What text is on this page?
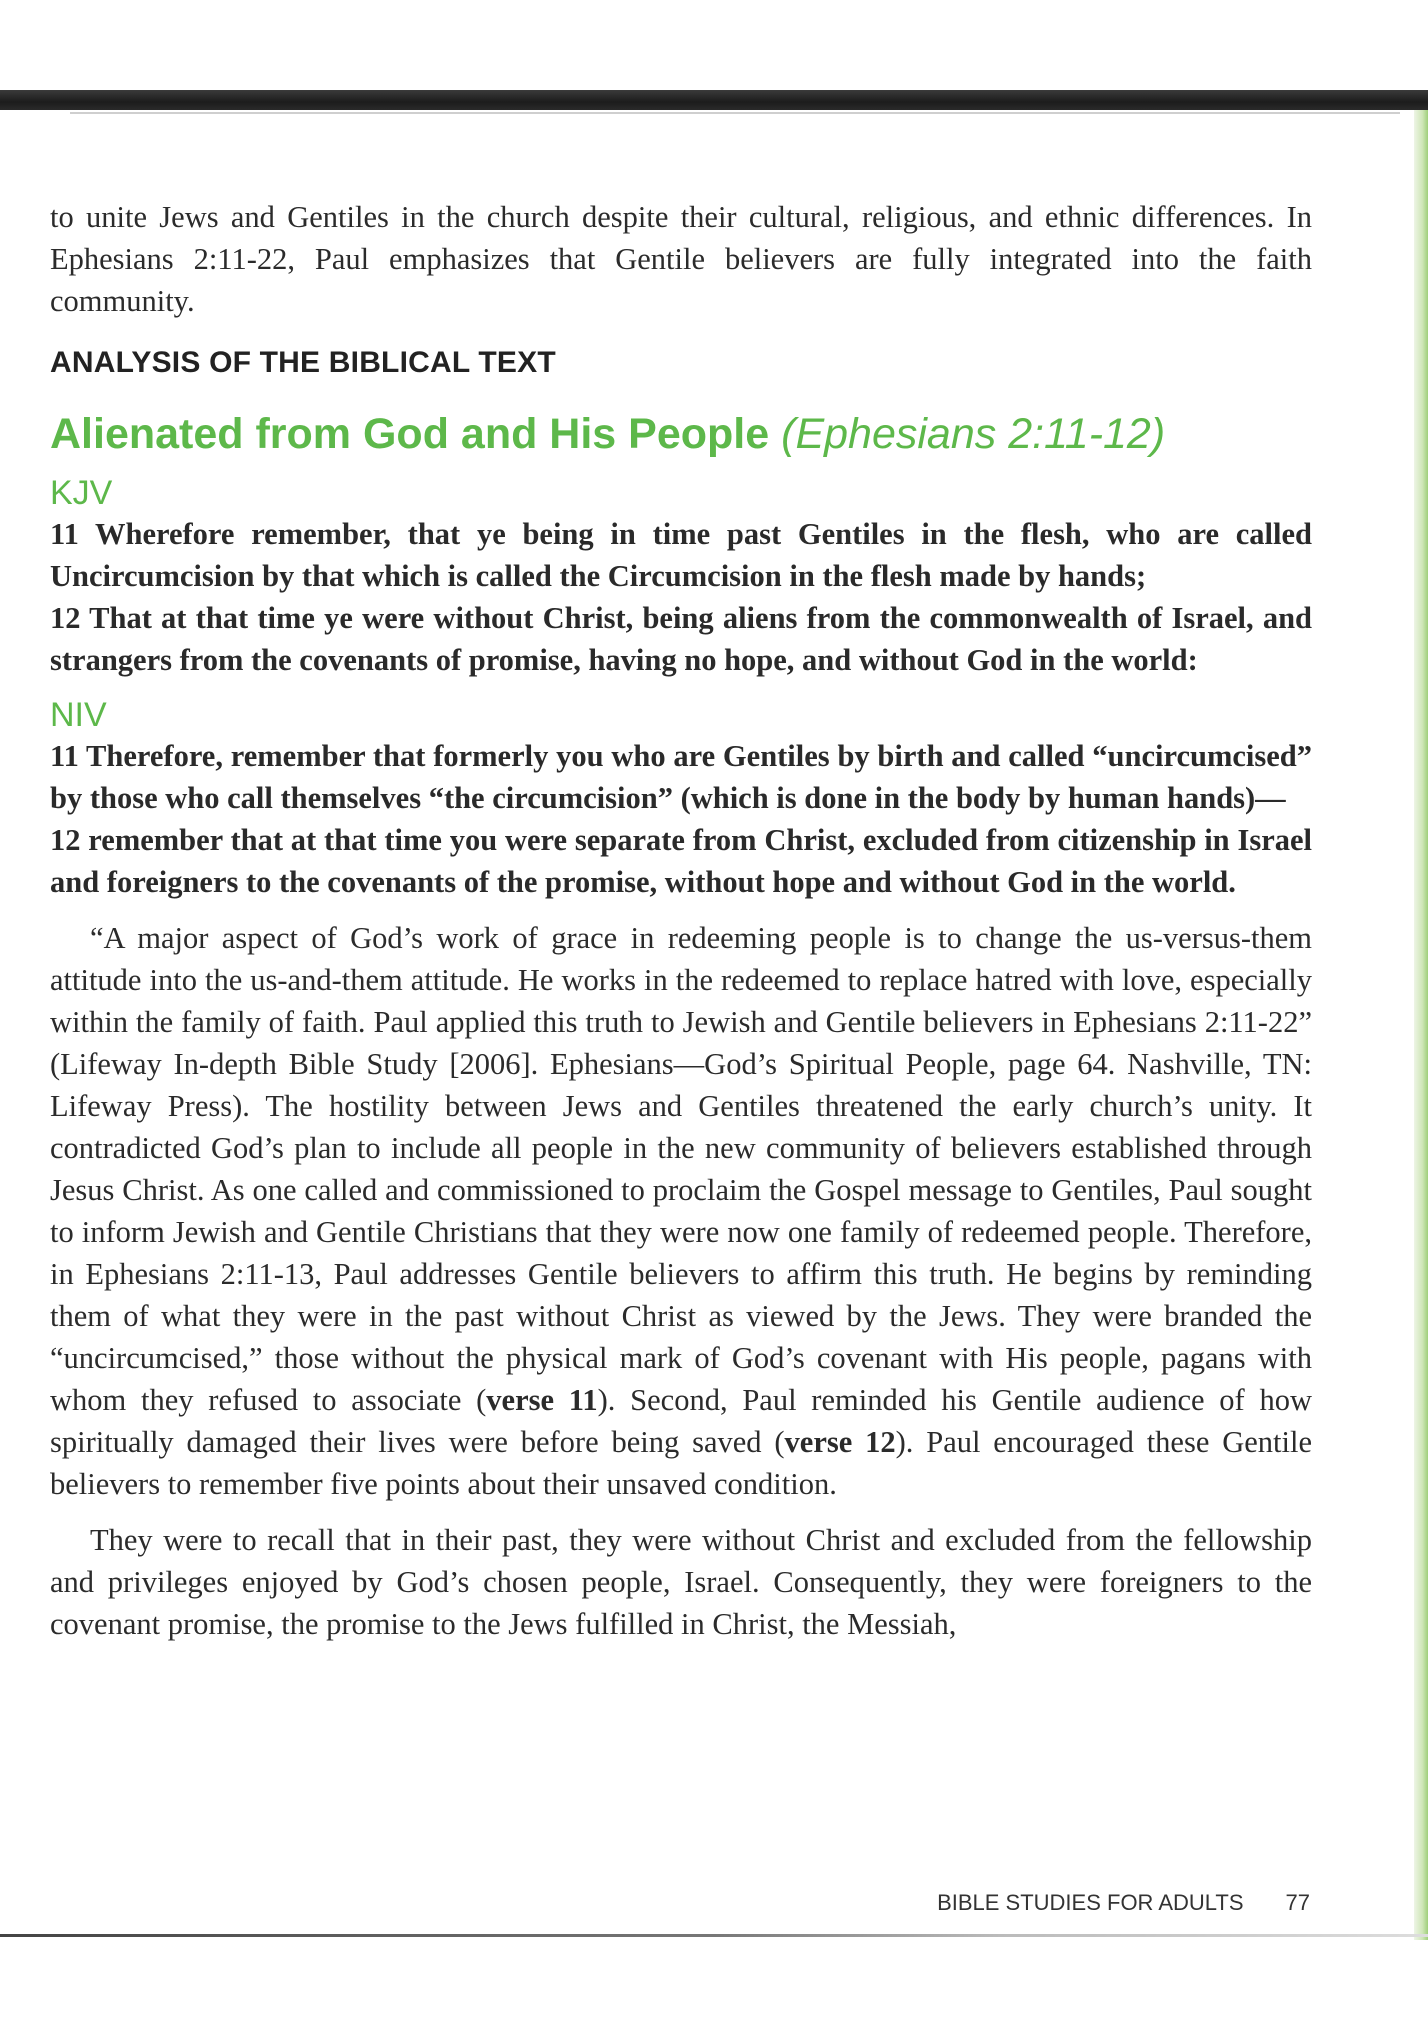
to unite Jews and Gentiles in the church despite their cultural, religious, and ethnic differences. In Ephesians 2:11-22, Paul emphasizes that Gentile believers are fully integrated into the faith community.

ANALYSIS OF THE BIBLICAL TEXT
Alienated from God and His People (Ephesians 2:11-12)
KJV

11 Wherefore remember, that ye being in time past Gentiles in the flesh, who are called Uncircumcision by that which is called the Circumcision in the flesh made by hands;

12 That at that time ye were without Christ, being aliens from the commonwealth of Israel, and strangers from the covenants of promise, having no hope, and without God in the world:

NIV

11 Therefore, remember that formerly you who are Gentiles by birth and called “uncircumcised” by those who call themselves “the circumcision” (which is done in the body by human hands)—

12 remember that at that time you were separate from Christ, excluded from citizenship in Israel and foreigners to the covenants of the promise, without hope and without God in the world.

“A major aspect of God’s work of grace in redeeming people is to change the us-versus-them attitude into the us-and-them attitude. He works in the redeemed to replace hatred with love, especially within the family of faith. Paul applied this truth to Jewish and Gentile believers in Ephesians 2:11-22” (Lifeway In-depth Bible Study [2006]. Ephesians—God’s Spiritual People, page 64. Nashville, TN: Lifeway Press). The hostility between Jews and Gentiles threatened the early church’s unity. It contradicted God’s plan to include all people in the new community of believers established through Jesus Christ. As one called and commissioned to proclaim the Gospel message to Gentiles, Paul sought to inform Jewish and Gentile Christians that they were now one family of redeemed people. Therefore, in Ephesians 2:11-13, Paul addresses Gentile believers to affirm this truth. He begins by reminding them of what they were in the past without Christ as viewed by the Jews. They were branded the “uncircumcised,” those without the physical mark of God’s covenant with His people, pagans with whom they refused to associate (verse 11). Second, Paul reminded his Gentile audience of how spiritually damaged their lives were before being saved (verse 12). Paul encouraged these Gentile believers to remember five points about their unsaved condition.

They were to recall that in their past, they were without Christ and excluded from the fellowship and privileges enjoyed by God’s chosen people, Israel. Consequently, they were foreigners to the covenant promise, the promise to the Jews fulfilled in Christ, the Messiah,

BIBLE STUDIES FOR ADULTS 77
